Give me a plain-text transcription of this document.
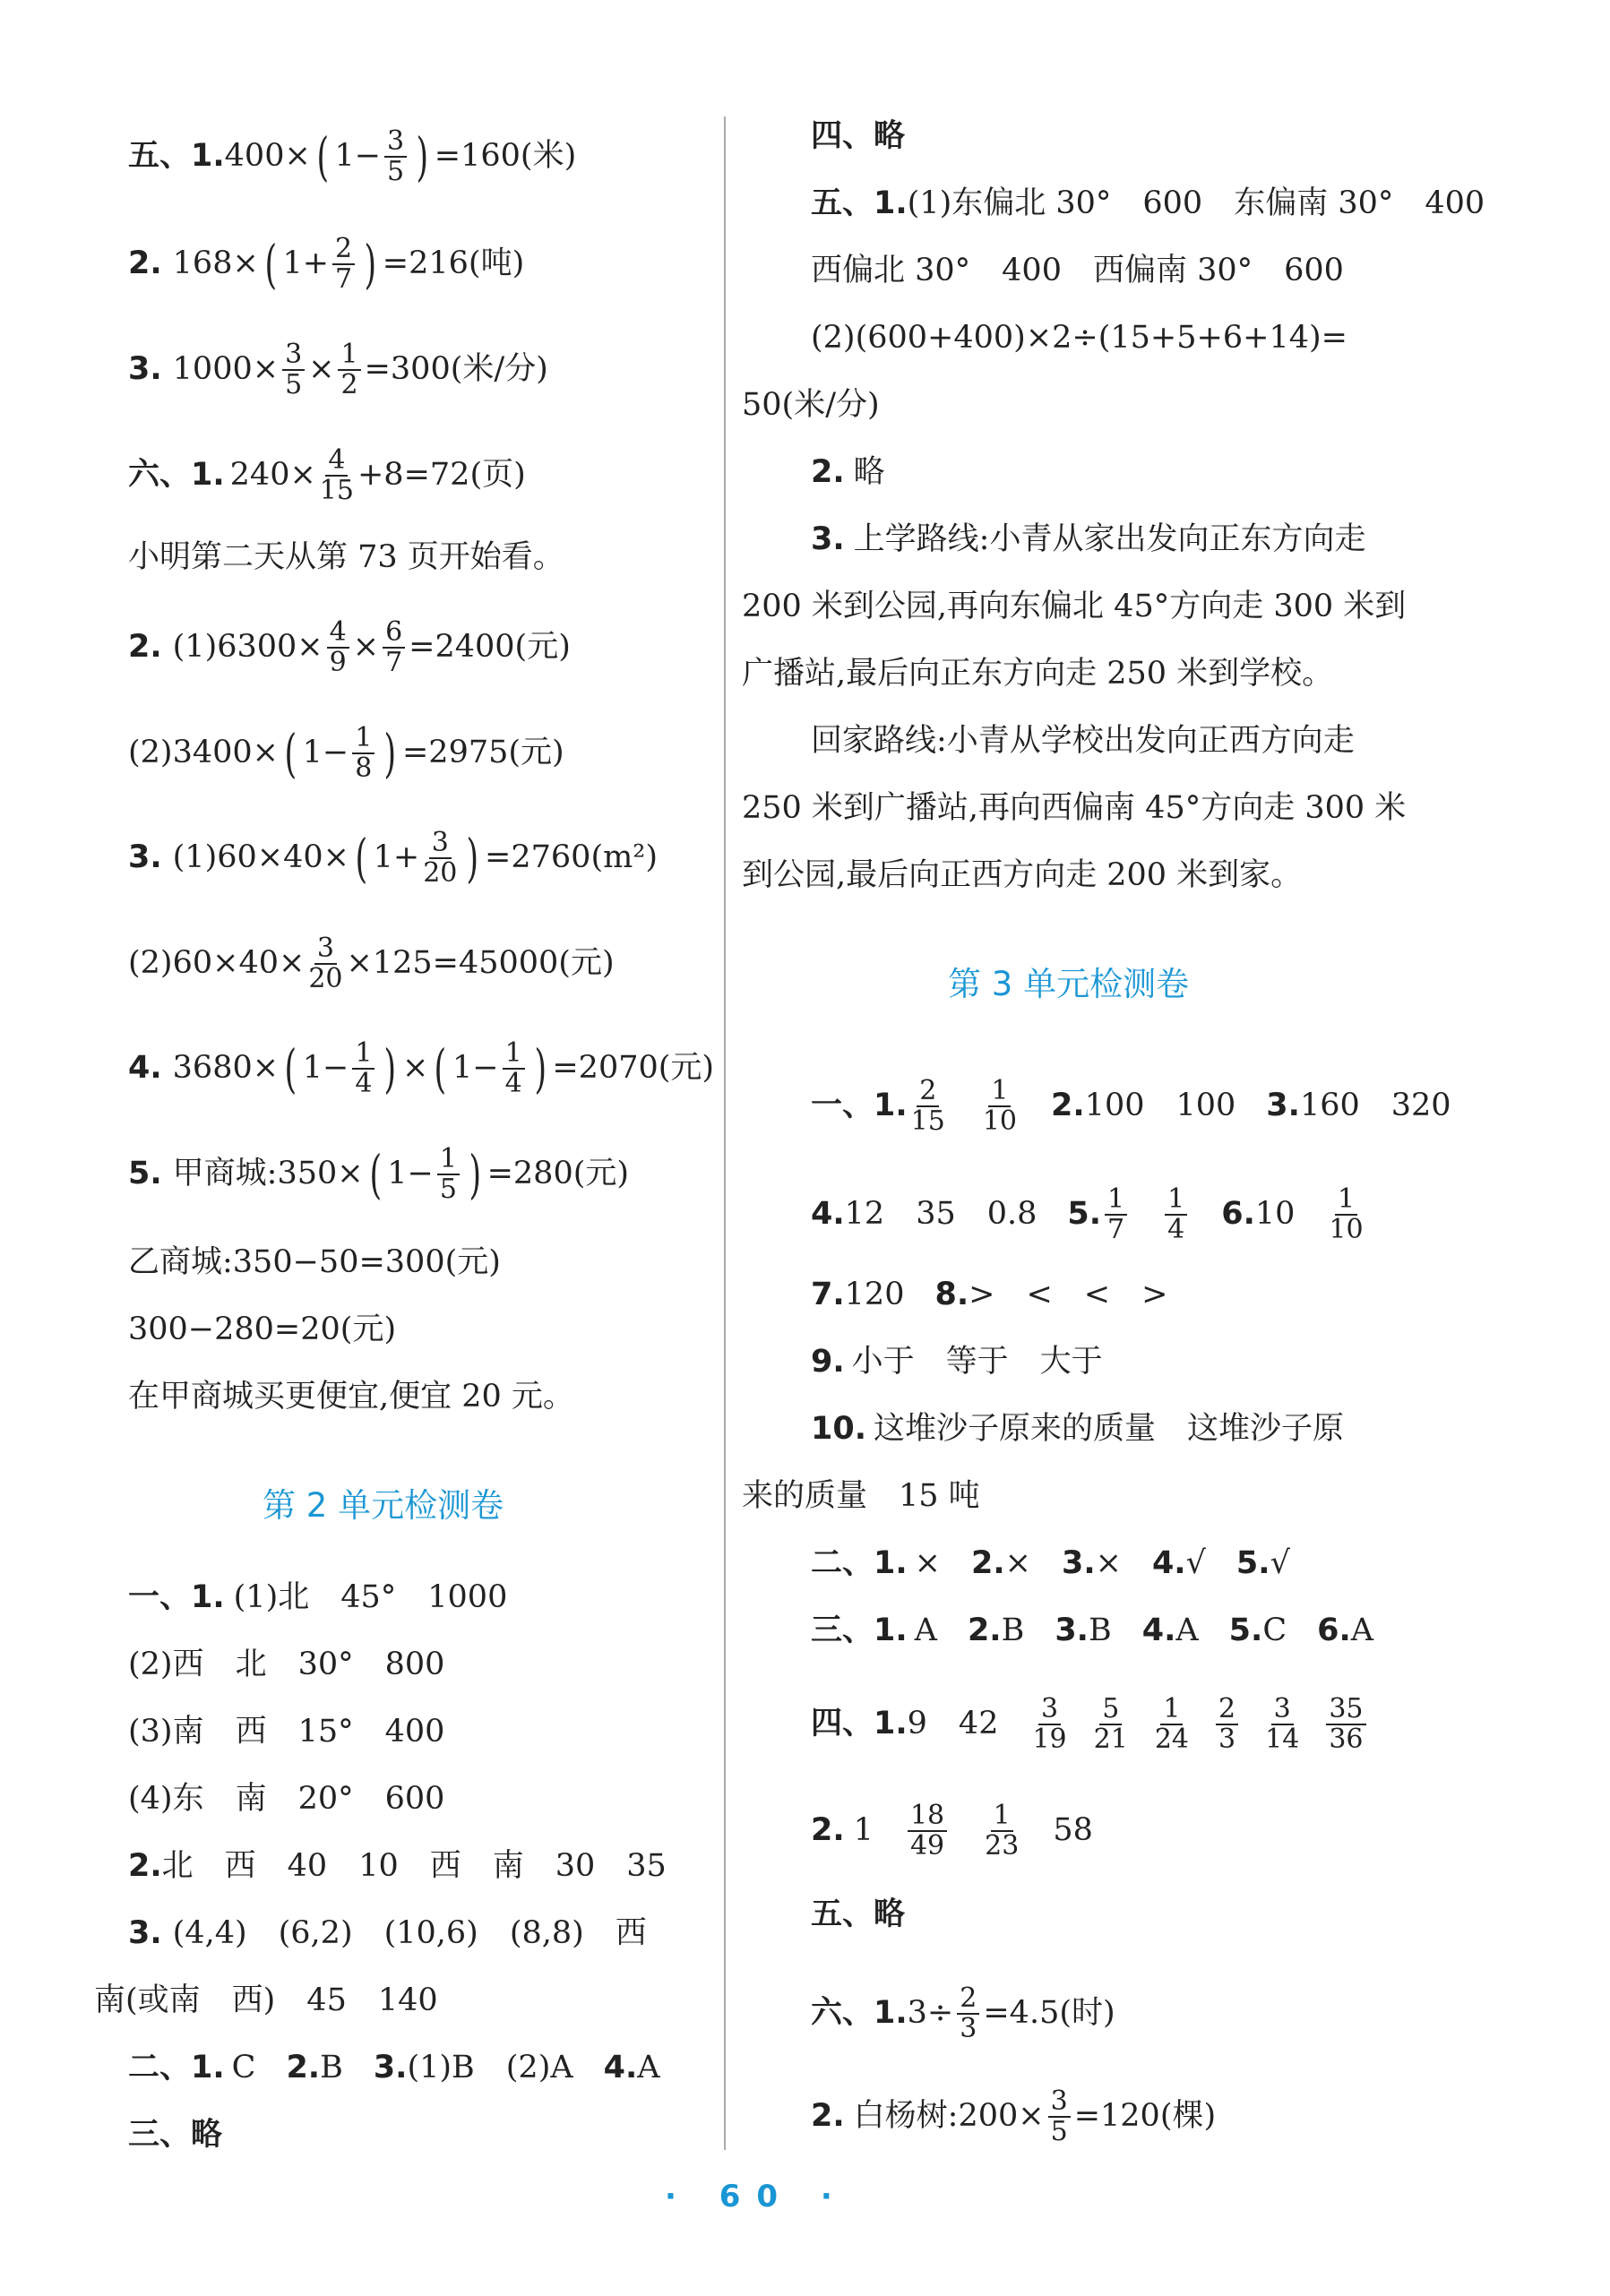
五、1. 400× ( $1- \frac{3}{5}$ ) =160(米)
2. 168× ( $1+ \frac{2}{7}$ ) =216(吨)
3. $1000\times \frac{3}{5} \times \frac{1}{2} =300$(米/分)
六、1. $240\times \frac{4}{15} +8=72$(页)
小明第二天从第 73 页开始看。
2. $(1)6300\times \frac{4}{9} \times \frac{6}{7} =2400$(元)
(2)3400× ( $1- \frac{1}{8}$ ) =2975(元)
3. (1)60×40× ( $1+ \frac{3}{20}$ ) =2760(m²)
$(2)60\times 40\times \frac{3}{20} \times 125=45000$(元)
4. 3680× ( $1- \frac{1}{4}$ ) × ( $1- \frac{1}{4}$ ) =2070(元)
5. 甲商城:350× ( $1- \frac{1}{5}$ ) =280(元)
乙商城:350−50=300(元)
300−280=20(元)
在甲商城买更便宜,便宜 20 元。
第 2 单元检测卷
一、1. (1)北　45°　1000
(2)西　北　30°　800
(3)南　西　15°　400
(4)东　南　20°　600
2. 北　西　40　10　西　南　30　35
3. (4,4)　(6,2)　(10,6)　(8,8)　西
南(或南　西)　45　140
二、1. C 2. B 3. (1)B　(2)A 4. A
三、略
四、略
五、1. (1)东偏北 30°　600　东偏南 30°　400
西偏北 30°　400　西偏南 30°　600
(2)(600+400)×2÷(15+5+6+14)=
50(米/分)
2. 略
3. 上学路线:小青从家出发向正东方向走
200 米到公园,再向东偏北 45°方向走 300 米到
广播站,最后向正东方向走 250 米到学校。
回家路线:小青从学校出发向正西方向走
250 米到广播站,再向西偏南 45°方向走 300 米
到公园,最后向正西方向走 200 米到家。
第 3 单元检测卷
一、1. $\frac{2}{15} \frac{1}{10} 2$. 100　100 3. 160　320
4. 12　35　0.8 5. $\frac{1}{7} \frac{1}{4} 6$. $10 \frac{1}{10}$
7. 120 8. >　<　<　>
9. 小于　等于　大于
10. 这堆沙子原来的质量　这堆沙子原
来的质量　15 吨
二、1. × 2. × 3. × 4. √ 5. √
三、1. A 2. B 3. B 4. A 5. C 6. A
四、1. 9　$42 \frac{3}{19} \frac{5}{21} \frac{1}{24} \frac{2}{3} \frac{3}{14} \frac{35}{36}$
2. $1 \frac{18}{49} \frac{1}{23} 58$
五、略
六、1. $3\div \frac{2}{3} =4.5$(时)
2. 白杨树:200× $\frac{3}{5} =120$(棵)
· 60 ·
